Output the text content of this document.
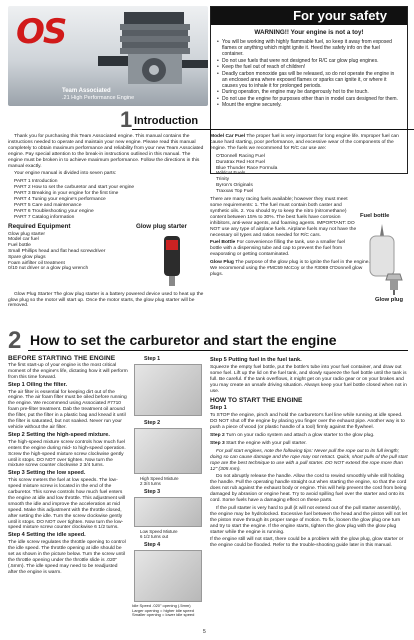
OS
Team Associated
.21 High Performance Engine
For your safety
WARNING!! Your engine is not a toy!
• You will be working with highly flammable fuel, so keep it away from exposed flames or anything which might ignite it. Heed the safety info on the fuel container.
• Do not use fuels that were not designed for R/C car glow plug engines.
• Keep the fuel out of reach of children!
• Deadly carbon monoxide gas will be released, so do not operate the engine in an enclosed area where exposed flames or sparks can ignite it, or where it causes you to inhale it for prolonged periods.
• During operation, the engine may be dangerously hot to the touch.
• Do not use the engine for purposes other than in model cars designed for them.
• Mount the engine securely.
1 Introduction

Thank you for purchasing this Team Associated engine. This manual contains the instructions needed to operate and maintain your new engine. Please read this manual completely to obtain maximum performance and reliability from your new Team Associated engine. Pay special attention to the break-in instructions outlined in this manual. The engine must be broken in to achieve maximum performance. Follow the directions in this manual exactly.

Your engine manual is divided into seven parts:

PART 1 Introduction
PART 2 How to set the carburetor and start your engine
PART 3 Breaking in your engine for the first time
PART 4 Tuning your engine's performance
PART 5 Care and maintenance
PART 6 Troubleshooting your engine
PART 7 Catalog information
Required Equipment
Glow plug starter
Model car fuel
Fuel bottle
Small Phillips head and flat head screwdriver
Spare glow plugs
Foam airfilter oil treatment
0/10 nut driver or a glow plug wrench
Glow plug starter

Glow Plug Starter The glow plug starter is a battery powered device used to heat up the glow plug so the motor will start up. Once the motor starts, the glow plug starter will be removed.

Model Car Fuel The proper fuel is very important for long engine life. Improper fuel can cause hard starting, poor performance, and excessive wear of the components of the engine. The fuels we recommend for R/C car use are:

O'Donnell Racing Fuel
Duratrax Red Hot Fuel
Blue Thunder Race Formula
Wildcat Fuels
Trinity
Byron's Originals
Traxxas Top Fuel

There are many racing fuels available; however they must meet some requirements: 1. The fuel must contain both caster and synthetic oils. 2. You should try to keep the nitro (nitromethane) content between 15% to 30%. The best fuels have corrosion inhibitors, anti-wear agents, and foaming agents. IMPORTANT: DO NOT use any type of airplane fuels. Airplane fuels may not have the necessary oil types and ratios needed for R/C cars.

Fuel Bottle For convenience filling the tank, use a smaller fuel bottle with a dispensing tube and cap to prevent the fuel from evaporating or getting contaminated.

Glow Plug The purpose of the glow plug is to ignite the fuel in the engine. We recommend using the #MC59 McCoy or the #3069 O'Donnell glow plugs.

Fuel bottle
Glow plug
2 How to set the carburetor and start the engine
BEFORE STARTING THE ENGINE

The first start-up of your engine is the most critical moment of the engine's life, dictating how it will perform from this time forward.

Step 1 Oiling the filter.

The air filter is essential for keeping dirt out of the engine. The air foam filter must be oiled before running the engine. We recommend using Associated #7710 foam pre-filter treatment. Dab the treatment oil around the filter, put the filter in a plastic bag and knead it until the filter is saturated, but not soaked. Never run your vehicle without the air filter.

Step 2 Setting the high-speed mixture.

The high-speed mixture screw controls how much fuel enters the engine during mid- to high-speed operation. Screw the high-speed mixture screw clockwise gently until it stops. DO NOT over tighten. Now turn the mixture screw counter clockwise 2 3/4 turns.

Step 3 Setting the low speed.

This screw meters the fuel at low speeds. The low-speed mixture screw is located in the end of the carburetor. This screw controls how much fuel enters the engine at idle and low throttle. This adjustment will smooth the idle and improve the acceleration at mid speed. Make this adjustment with the throttle closed, after setting the idle. Turn the screw clockwise gently until it stops. DO NOT over tighten. Now turn the low-speed mixture screw counter clockwise 6 1/2 turns.

Step 4 Setting the idle speed.

The idle screw regulates the throttle opening to control the idle speed. The throttle opening at idle should be set as shown in the picture below. Turn the screw until the throttle opening under the throttle slide is .020" (.5mm). The idle speed may need to be readjusted after the engine is warm.

Step 1
Step 2
High Speed Mixture
2 3/4 turns
Step 3
Low Speed Mixture
6 1/2 turns out
Step 4
Idle Speed .020" opening (.5mm)
Larger opening = higher idle speed
Smaller opening = lower idle speed
Step 5 Putting fuel in the fuel tank.

Squeeze the empty fuel bottle, put the bottle's tube into your fuel container, and draw out some fuel. Lift up the lid on the fuel tank, and slowly squeeze the fuel bottle until the tank is full. Be careful. If the tank overflows, it might get on your radio gear or on your brakes and you may create an unsafe driving situation. Always keep your fuel bottle closed when not in use.

HOW TO START THE ENGINE
Step 1

To STOP the engine, pinch and hold the carburetor's fuel line while running at idle speed. DO NOT shut off the engine by placing you finger over the exhaust pipe. Another way is to push a piece of wood (or plastic handle of a tool) firmly against the flywheel.

Step 2 Turn on your radio system and attach a glow starter to the glow plug.

Step 3 Start the engine with your pull starter.

For pull start engines, note the following tips: Never pull the rope out to its full length; doing so can cause damage and the rope may not retract. Quick, short pulls of the pull start rope are the best technique to use with a pull starter. DO NOT extend the rope more than 12" (305 mm).

Do not abruptly release the handle. Allow the cord to rewind smoothly while still holding the handle. Pull the operating handle straight out when starting the engine, so that the cord does not rub against the exhaust body or engine. This will help prevent the cord from being damaged by abrasion or engine heat. Try to avoid spilling fuel over the starter and onto its cord. Some fuels have a damaging effect on these parts.

If the pull starter is very hard to pull (it will not extend out of the pull starter assembly), the engine may be hydrolocked. Excessive fuel between the head and the piston will not let the piston move through its proper range of motion. To fix, loosen the glow plug one turn and try to start the engine. If the engine starts, tighten the glow plug with the glow plug starter while the engine is running.

If the engine still will not start, there could be a problem with the glow plug, glow starter or the engine could be flooded. Refer to the trouble-shooting guide later in this manual.

5
